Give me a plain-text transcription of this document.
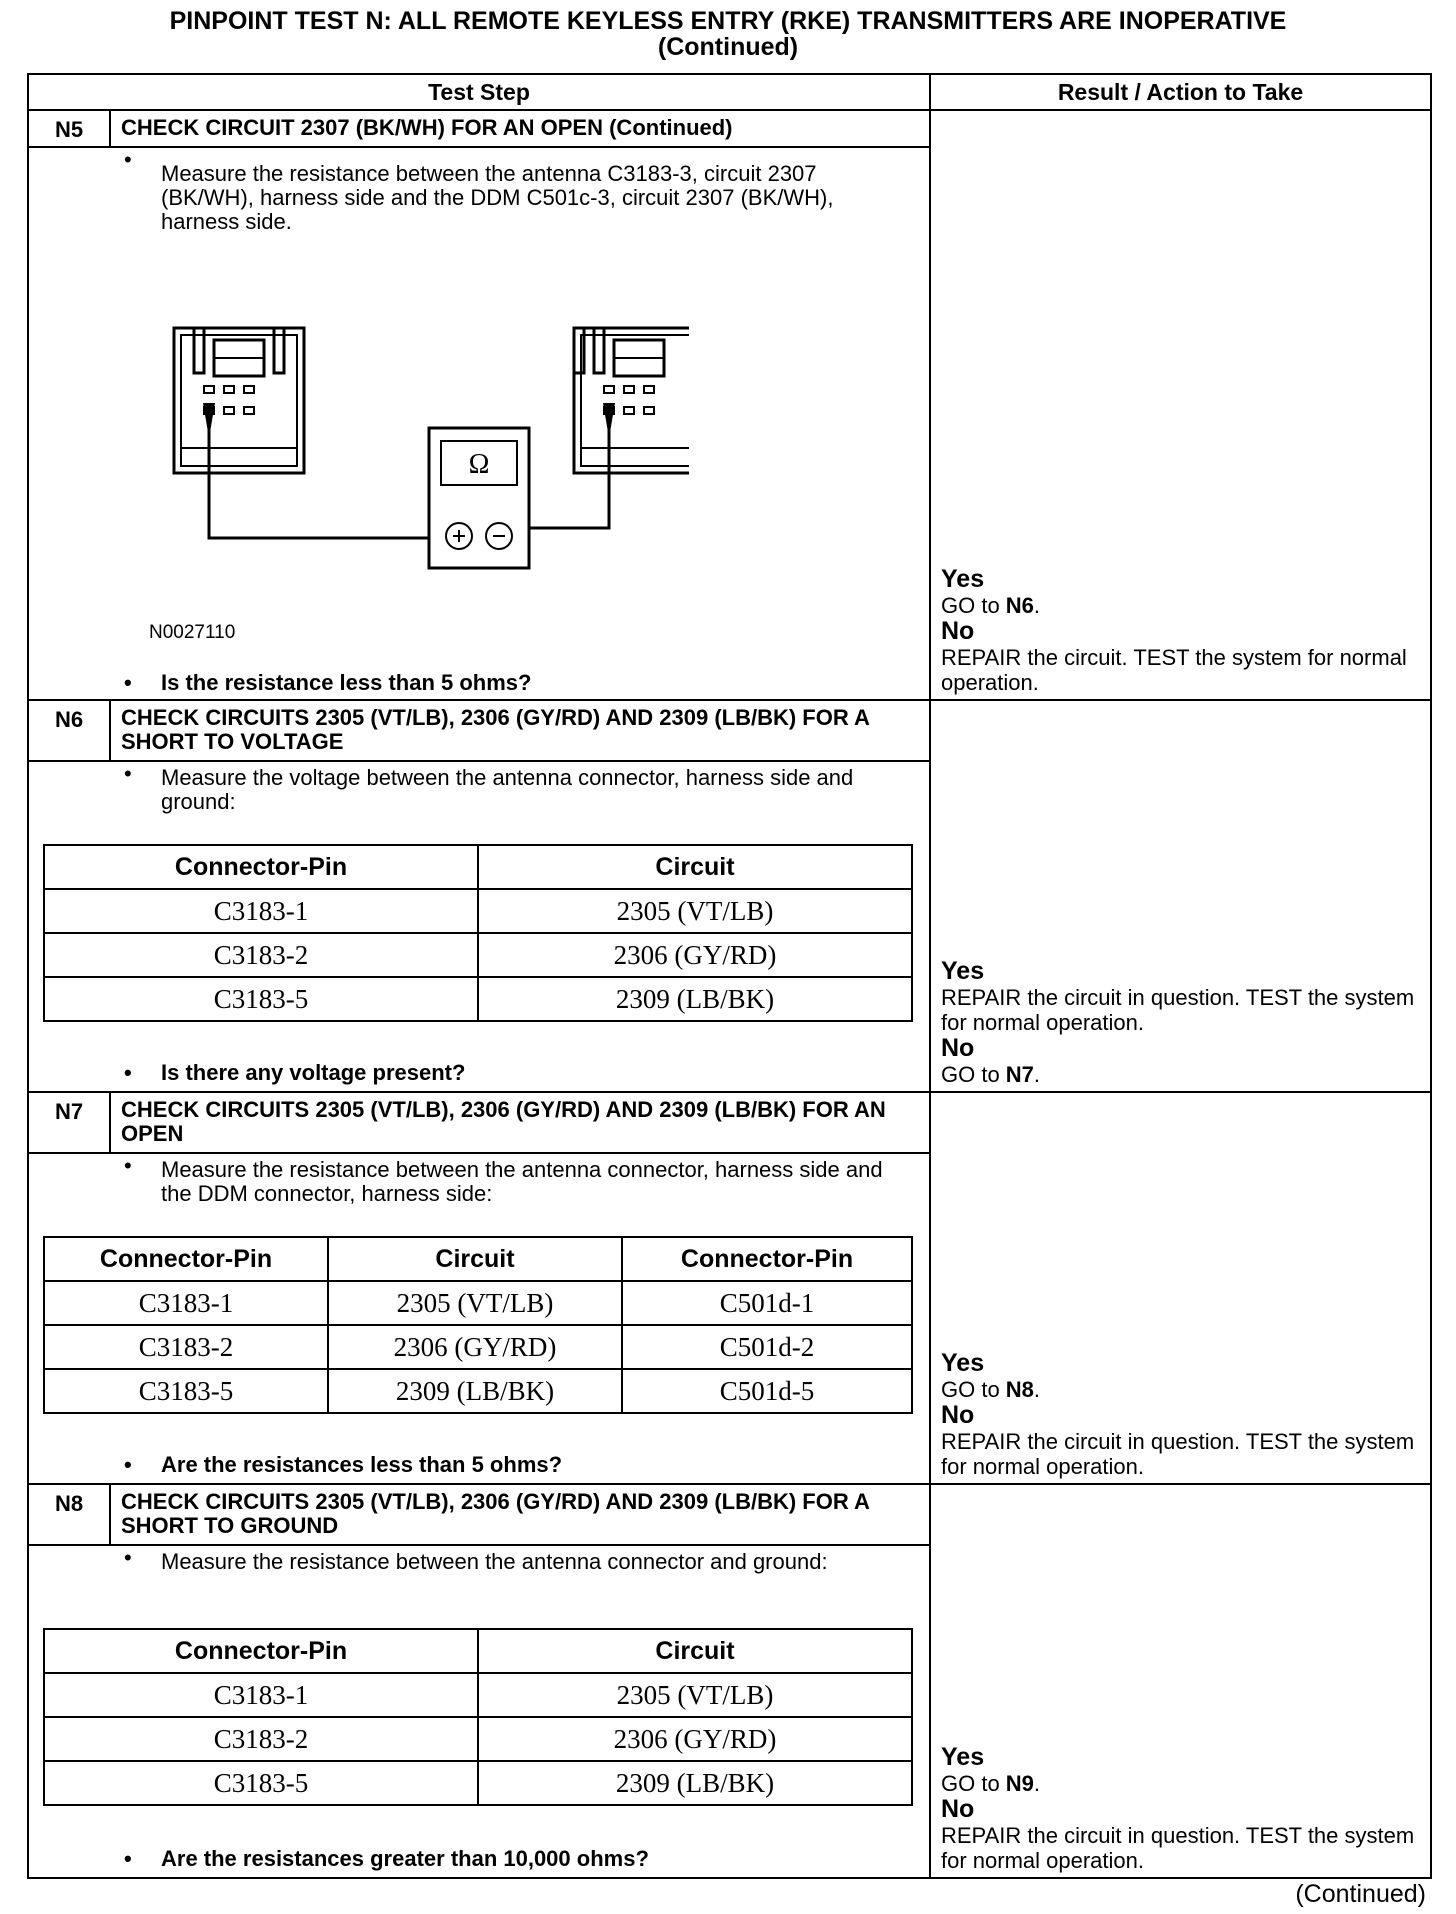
PINPOINT TEST N: ALL REMOTE KEYLESS ENTRY (RKE) TRANSMITTERS ARE INOPERATIVE
(Continued)
Test Step	Result / Action to Take

N5	CHECK CIRCUIT 2307 (BK/WH) FOR AN OPEN (Continued)

Yes
GO to N6.
No
REPAIR the circuit. TEST the system for normal operation.

• Measure the resistance between the antenna C3183-3, circuit 2307 (BK/WH), harness side and the DDM C501c-3, circuit 2307 (BK/WH), harness side.
Ω
N0027110
• Is the resistance less than 5 ohms?

N6	CHECK CIRCUITS 2305 (VT/LB), 2306 (GY/RD) AND 2309 (LB/BK) FOR A SHORT TO VOLTAGE

Yes
REPAIR the circuit in question. TEST the system for normal operation.
No
GO to N7.

• Measure the voltage between the antenna connector, harness side and ground:
Connector-Pin	Circuit
C3183-1	2305 (VT/LB)
C3183-2	2306 (GY/RD)
C3183-5	2309 (LB/BK)
• Is there any voltage present?

N7	CHECK CIRCUITS 2305 (VT/LB), 2306 (GY/RD) AND 2309 (LB/BK) FOR AN OPEN

Yes
GO to N8.
No
REPAIR the circuit in question. TEST the system for normal operation.

• Measure the resistance between the antenna connector, harness side and the DDM connector, harness side:
Connector-Pin	Circuit	Connector-Pin
C3183-1	2305 (VT/LB)	C501d-1
C3183-2	2306 (GY/RD)	C501d-2
C3183-5	2309 (LB/BK)	C501d-5
• Are the resistances less than 5 ohms?

N8	CHECK CIRCUITS 2305 (VT/LB), 2306 (GY/RD) AND 2309 (LB/BK) FOR A SHORT TO GROUND

Yes
GO to N9.
No
REPAIR the circuit in question. TEST the system for normal operation.

• Measure the resistance between the antenna connector and ground:
Connector-Pin	Circuit
C3183-1	2305 (VT/LB)
C3183-2	2306 (GY/RD)
C3183-5	2309 (LB/BK)
• Are the resistances greater than 10,000 ohms?
(Continued)
